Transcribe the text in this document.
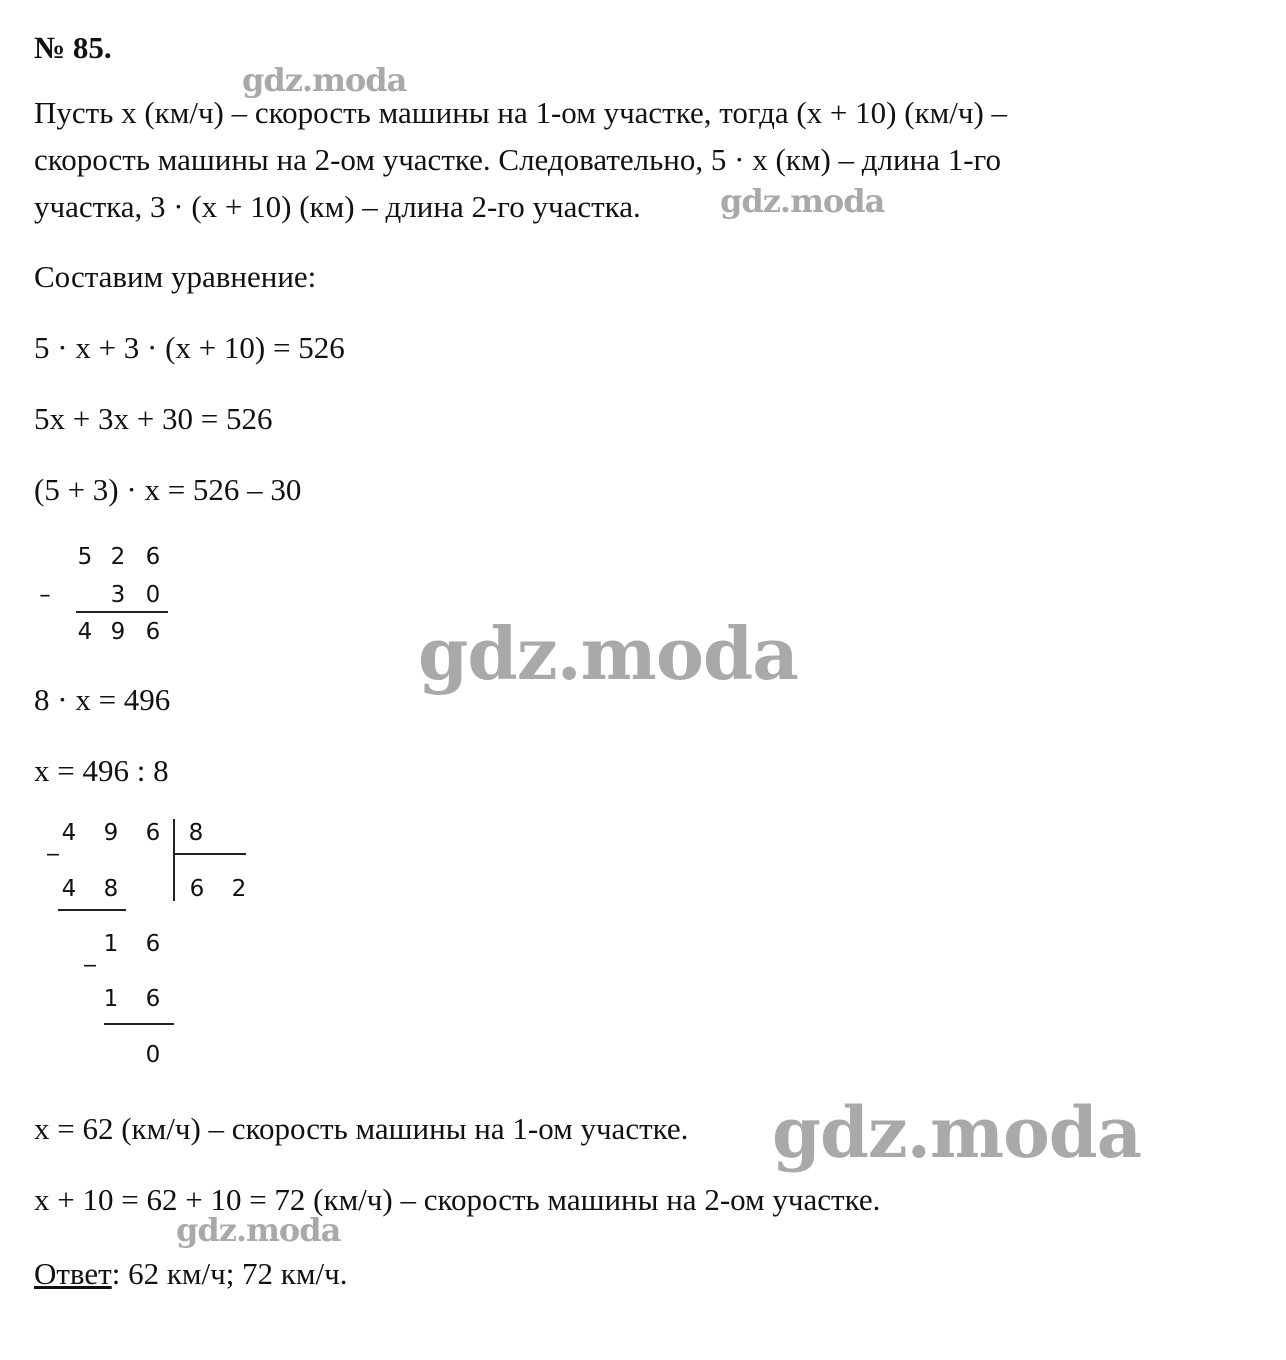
№ 85.
Пусть x (км/ч) – скорость машины на 1-ом участке, тогда (x + 10) (км/ч) –
скорость машины на 2-ом участке. Следовательно, 5 · x (км) – длина 1-го
участка, 3 · (x + 10) (км) – длина 2-го участка.
Составим уравнение:
5 · x + 3 · (x + 10) = 526
5x + 3x + 30 = 526
(5 + 3) · x = 526 – 30
–
5 2 6
3 0
4 9 6
8 · x = 496
x = 496 : 8
_ 4 9 6 8
6 2
4 8
_ 1 6
1 6
0
x = 62 (км/ч) – скорость машины на 1-ом участке.
x + 10 = 62 + 10 = 72 (км/ч) – скорость машины на 2-ом участке.
Ответ: 62 км/ч; 72 км/ч.
gdz.moda
gdz.moda
gdz.moda
gdz.moda
gdz.moda
